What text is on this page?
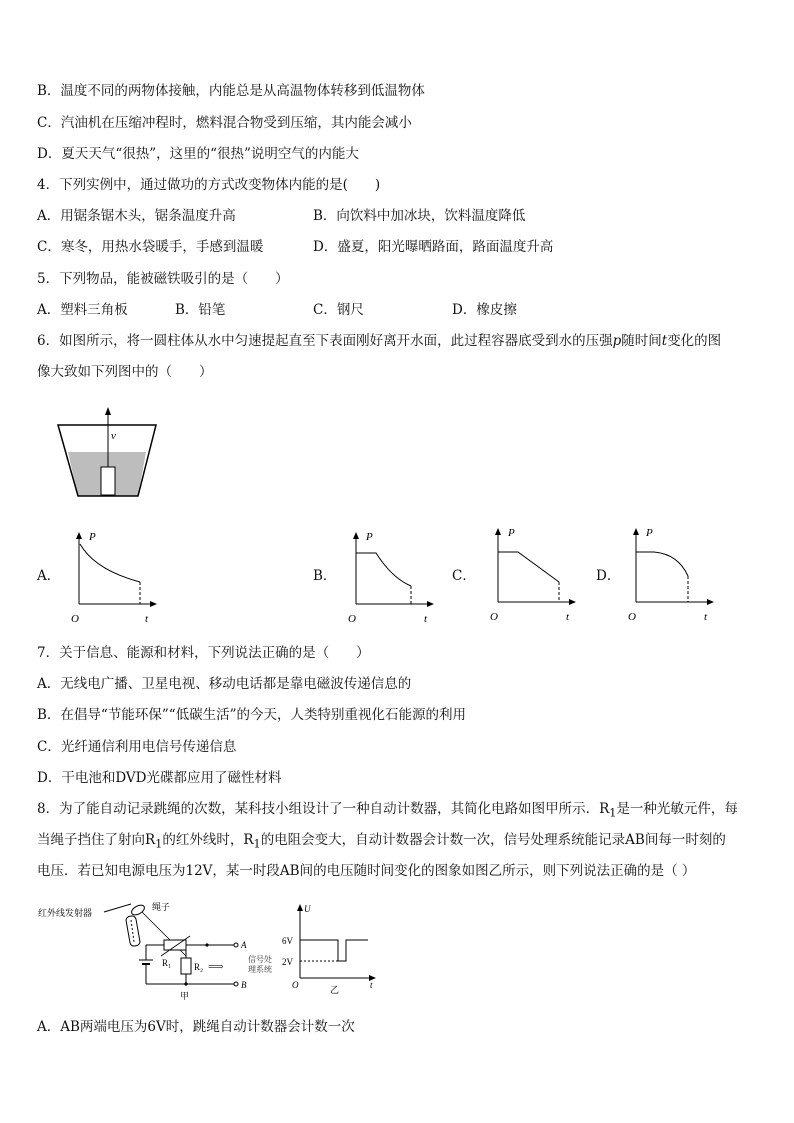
B．温度不同的两物体接触，内能总是从高温物体转移到低温物体
C．汽油机在压缩冲程时，燃料混合物受到压缩，其内能会减小
D．夏天天气“很热”，这里的“很热”说明空气的内能大
4．下列实例中，通过做功的方式改变物体内能的是(　　)
A．用锯条锯木头，锯条温度升高	B．向饮料中加冰块，饮料温度降低
C．寒冬，用热水袋暖手，手感到温暖	D．盛夏，阳光曝晒路面，路面温度升高
5．下列物品，能被磁铁吸引的是（　　）
A．塑料三角板	B．铅笔	C．钢尺	D．橡皮擦
6．如图所示，将一圆柱体从水中匀速提起直至下表面刚好离开水面，此过程容器底受到水的压强p随时间t变化的图
像大致如下列图中的（　　）
v
A．
P
O	t
B．
P
O	t
C．
P
O	t
D．
P
O	t
7．关于信息、能源和材料，下列说法正确的是（　　）
A．无线电广播、卫星电视、移动电话都是靠电磁波传递信息的
B．在倡导“节能环保”“低碳生活”的今天，人类特别重视化石能源的利用
C．光纤通信利用电信号传递信息
D．干电池和DVD光碟都应用了磁性材料
8．为了能自动记录跳绳的次数，某科技小组设计了一种自动计数器，其简化电路如图甲所示．$R_1$是一种光敏元件，每
当绳子挡住了射向$R_1$的红外线时，$R_1$的电阻会变大，自动计数器会计数一次，信号处理系统能记录AB间每一时刻的
电压．若已知电源电压为12V，某一时段AB间的电压随时间变化的图象如图乙所示，则下列说法正确的是（ ）
红外线发射器
绳子
A
R₁
B
R₂ ⟹
信号处
理系统
甲
U
6V
2V
O	t
乙
A．AB两端电压为6V时，跳绳自动计数器会计数一次
